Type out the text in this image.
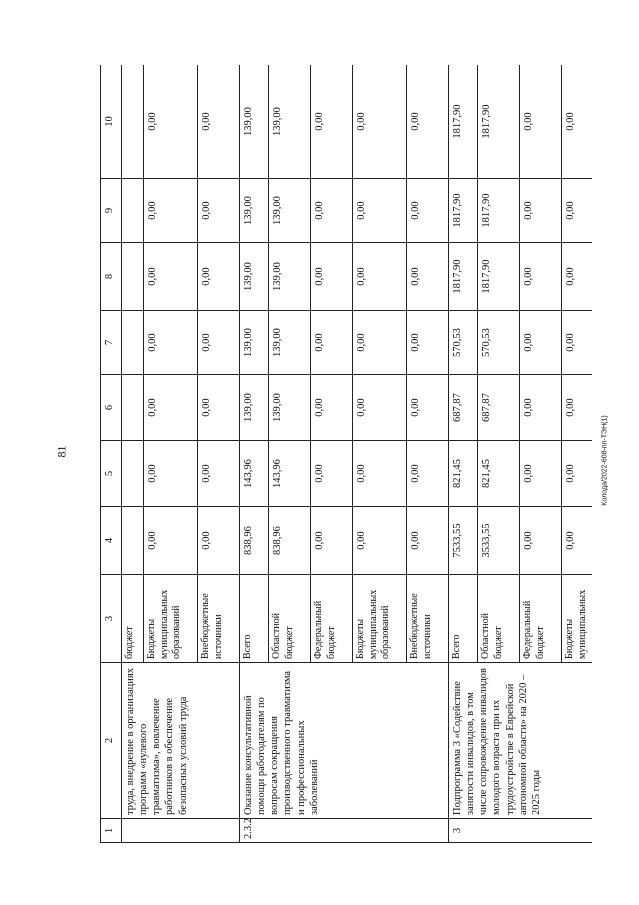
81	Колода/2022-608-пп-ТЭН(1)
1	2	3	4	5	6	7	8	9	10
	труда, внедрение в организациях программ «нулевого травматизма», вовлечение работников в обеспечение безопасных условий труда	бюджет							
		Бюджеты муниципальных образований	0,00	0,00	0,00	0,00	0,00	0,00	0,00
		Внебюджетные источники	0,00	0,00	0,00	0,00	0,00	0,00	0,00
2.3.2	Оказание консультативной помощи работодателям по вопросам сокращения производственного травматизма и профессиональных заболеваний	Всего	838,96	143,96	139,00	139,00	139,00	139,00	139,00
		Областной бюджет	838,96	143,96	139,00	139,00	139,00	139,00	139,00
		Федеральный бюджет	0,00	0,00	0,00	0,00	0,00	0,00	0,00
		Бюджеты муниципальных образований	0,00	0,00	0,00	0,00	0,00	0,00	0,00
		Внебюджетные источники	0,00	0,00	0,00	0,00	0,00	0,00	0,00
3	Подпрограмма 3 «Содействие занятости инвалидов, в том числе сопровождение инвалидов молодого возраста при их трудоустройстве в Еврейской автономной области» на 2020 – 2025 годы	Всего	7533,55	821,45	687,87	570,53	1817,90	1817,90	1817,90
		Областной бюджет	3533,55	821,45	687,87	570,53	1817,90	1817,90	1817,90
		Федеральный бюджет	0,00	0,00	0,00	0,00	0,00	0,00	0,00
		Бюджеты муниципальных	0,00	0,00	0,00	0,00	0,00	0,00	0,00
